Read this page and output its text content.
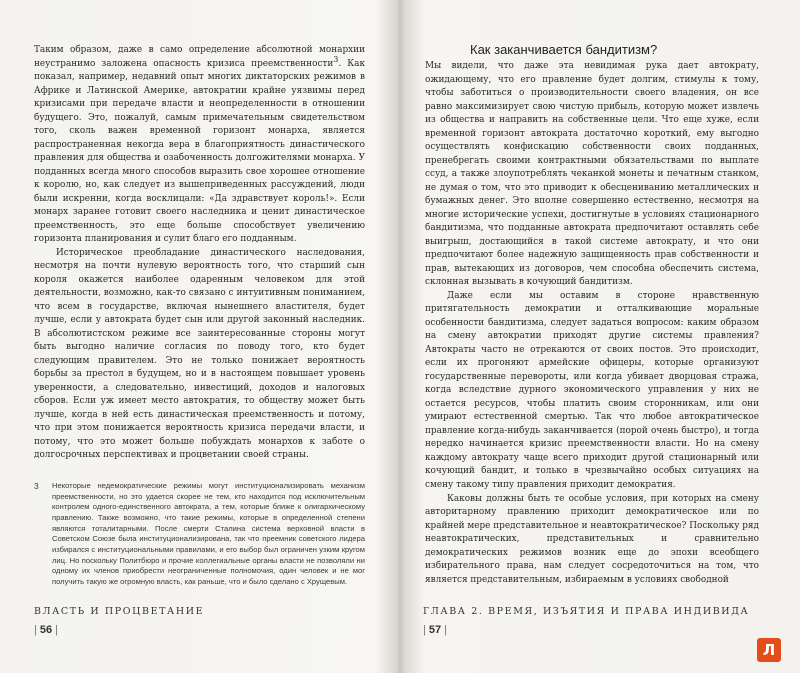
Таким образом, даже в само определение абсолютной монархии неустранимо заложена опасность кризиса преемственности3. Как показал, например, недавний опыт многих диктаторских режимов в Африке и Латинской Америке, автократии крайне уязвимы перед кризисами при передаче власти и неопределенности в отношении будущего. Это, пожалуй, самым примечательным свидетельством того, сколь важен временной горизонт монарха, является распространенная некогда вера в благоприятность династического правления для общества и озабоченность долгожителями монарха. У подданных всегда много способов выразить свое хорошее отношение к королю, но, как следует из вышеприведенных рассуждений, люди были искренни, когда восклицали: «Да здравствует король!». Если монарх заранее готовит своего наследника и ценит династическое преемственность, это еще больше способствует увеличению горизонта планирования и сулит благо его подданным.

Историческое преобладание династического наследования, несмотря на почти нулевую вероятность того, что старший сын короля окажется наиболее одаренным человеком для этой деятельности, возможно, как-то связано с интуитивным пониманием, что всем в государстве, включая нынешнего властителя, будет лучше, если у автократа будет сын или другой законный наследник. В абсолютистском режиме все заинтересованные стороны могут быть выгодно наличие согласия по поводу того, кто будет следующим правителем. Это не только понижает вероятность борьбы за престол в будущем, но и в настоящем повышает уровень уверенности, а следовательно, инвестиций, доходов и налоговых сборов. Если уж имеет место автократия, то обществу может быть лучше, когда в ней есть династическая преемственность и потому, что при этом понижается вероятность кризиса передачи власти, и потому, что это может больше побуждать монархов к заботе о долгосрочных перспективах и процветании своей страны.

3	Некоторые недемократические режимы могут институционализировать механизм преемственности, но это удается скорее не тем, кто находится под исключительным контролем одного-единственного автократа, а тем, которые ближе к олигархическому правлению. Также возможно, что такие режимы, которые в определенной степени являются тоталитарными. После смерти Сталина система верховной власти в Советском Союзе была институционализирована, так что преемник советского лидера избирался с институциональными правилами, и его выбор был ограничен узким кругом лиц. Но поскольку Политбюро и прочие коллегиальные органы власти не позволяли ни одному их членов приобрести неограниченные полномочия, один человек и не мог получить такую же огромную власть, как раньше, что и было сделано с Хрущевым.
ВЛАСТЬ И ПРОЦВЕТАНИЕ
| 56 |
Как заканчивается бандитизм?

Мы видели, что даже эта невидимая рука дает автократу, ожидающему, что его правление будет долгим, стимулы к тому, чтобы заботиться о производительности своего владения, он все равно максимизирует свою чистую прибыль, которую может извлечь из общества и направить на собственные цели. Что еще хуже, если временной горизонт автократа достаточно короткий, ему выгодно осуществлять конфискацию собственности своих подданных, пренебрегать своими контрактными обязательствами по выплате ссуд, а также злоупотреблять чеканкой монеты и печатным станком, не думая о том, что это приводит к обесцениванию металлических и бумажных денег. Это вполне совершенно естественно, несмотря на многие исторические успехи, достигнутые в условиях стационарного бандитизма, что подданные автократа предпочитают оставлять себе выигрыш, достающийся в такой системе автократу, и что они предпочитают более надежную защищенность прав собственности и прав, вытекающих из договоров, чем способна обеспечить система, склонная вызывать в кочующий бандитизм.

Даже если мы оставим в стороне нравственную притягательность демократии и отталкивающие моральные особенности бандитизма, следует задаться вопросом: каким образом на смену автократии приходят другие системы правления? Автократы часто не отрекаются от своих постов. Это происходит, если их прогоняют армейские офицеры, которые организуют государственные перевороты, или когда убивает дворцовая стража, когда вследствие дурного экономического управления у них не остается ресурсов, чтобы платить своим сторонникам, или они умирают естественной смертью. Так что любое автократическое правление когда-нибудь заканчивается (порой очень быстро), и тогда нередко начинается кризис преемственности власти. Но на смену каждому автократу чаще всего приходит другой стационарный или кочующий бандит, и только в чрезвычайно особых ситуациях на смену такому типу правления приходит демократия.

Каковы должны быть те особые условия, при которых на смену авторитарному правлению приходит демократическое или по крайней мере представительное и неавтократическое? Поскольку ряд неавтократических, представительных и сравнительно демократических режимов возник еще до эпохи всеобщего избирательного права, нам следует сосредоточиться на том, что является представительным, избираемым в условиях свободной

ГЛАВА 2. ВРЕМЯ, ИЗЪЯТИЯ И ПРАВА ИНДИВИДА
| 57 |
Л
